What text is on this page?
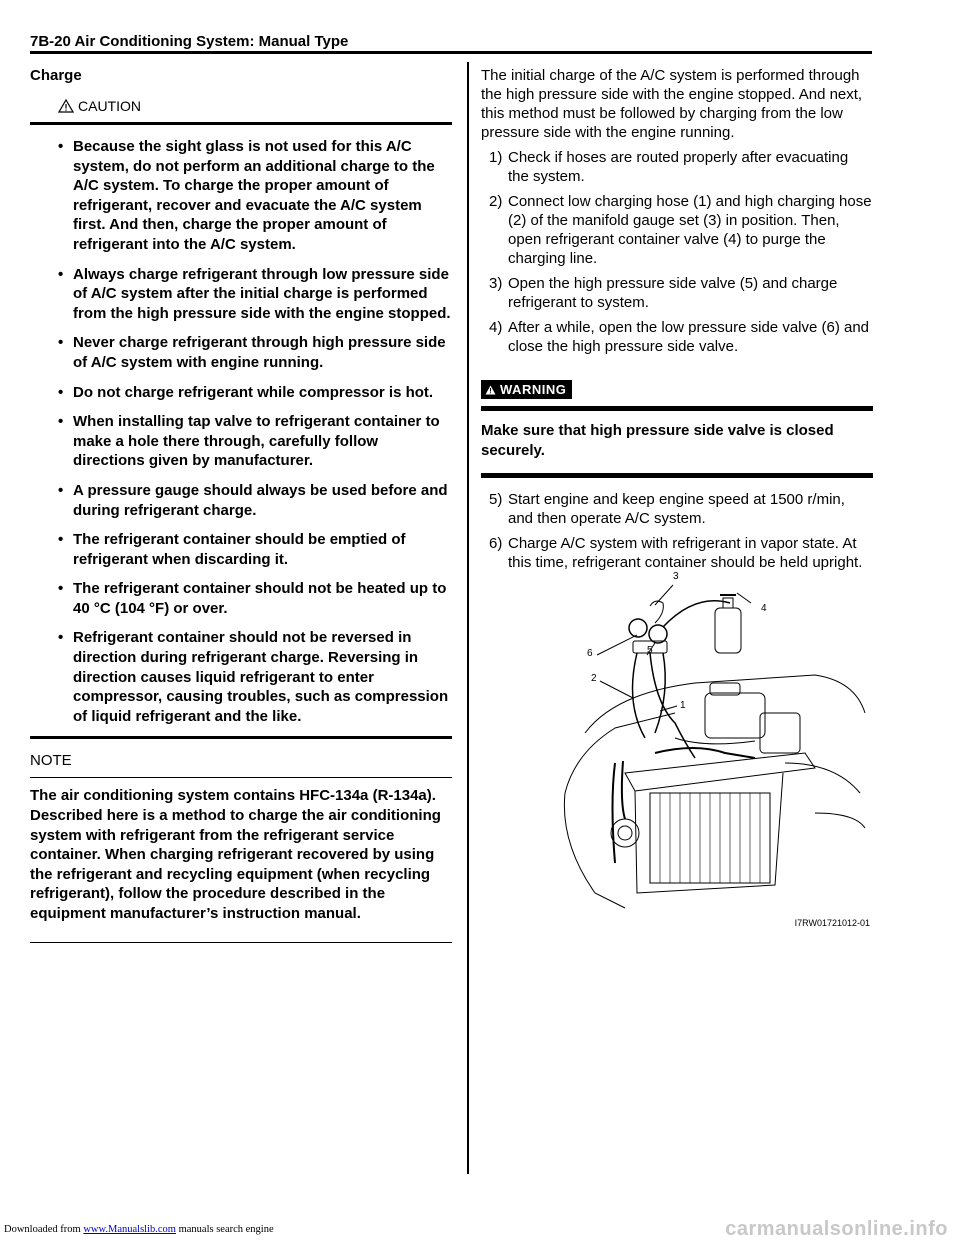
7B-20 Air Conditioning System: Manual Type
Charge
CAUTION
• Because the sight glass is not used for this A/C system, do not perform an additional charge to the A/C system. To charge the proper amount of refrigerant, recover and evacuate the A/C system first. And then, charge the proper amount of refrigerant into the A/C system.
• Always charge refrigerant through low pressure side of A/C system after the initial charge is performed from the high pressure side with the engine stopped.
• Never charge refrigerant through high pressure side of A/C system with engine running.
• Do not charge refrigerant while compressor is hot.
• When installing tap valve to refrigerant container to make a hole there through, carefully follow directions given by manufacturer.
• A pressure gauge should always be used before and during refrigerant charge.
• The refrigerant container should be emptied of refrigerant when discarding it.
• The refrigerant container should not be heated up to 40 °C (104 °F) or over.
• Refrigerant container should not be reversed in direction during refrigerant charge. Reversing in direction causes liquid refrigerant to enter compressor, causing troubles, such as compression of liquid refrigerant and the like.
NOTE
The air conditioning system contains HFC-134a (R-134a). Described here is a method to charge the air conditioning system with refrigerant from the refrigerant service container. When charging refrigerant recovered by using the refrigerant and recycling equipment (when recycling refrigerant), follow the procedure described in the equipment manufacturer’s instruction manual.

The initial charge of the A/C system is performed through the high pressure side with the engine stopped. And next, this method must be followed by charging from the low pressure side with the engine running.

1) Check if hoses are routed properly after evacuating the system.
2) Connect low charging hose (1) and high charging hose (2) of the manifold gauge set (3) in position. Then, open refrigerant container valve (4) to purge the charging line.
3) Open the high pressure side valve (5) and charge refrigerant to system.
4) After a while, open the low pressure side valve (6) and close the high pressure side valve.
WARNING
Make sure that high pressure side valve is closed securely.
5) Start engine and keep engine speed at 1500 r/min, and then operate A/C system.
6) Charge A/C system with refrigerant in vapor state. At this time, refrigerant container should be held upright.
3
4
6	5
2
1
I7RW01721012-01
Downloaded from www.Manualslib.com manuals search engine	carmanualsonline.info
